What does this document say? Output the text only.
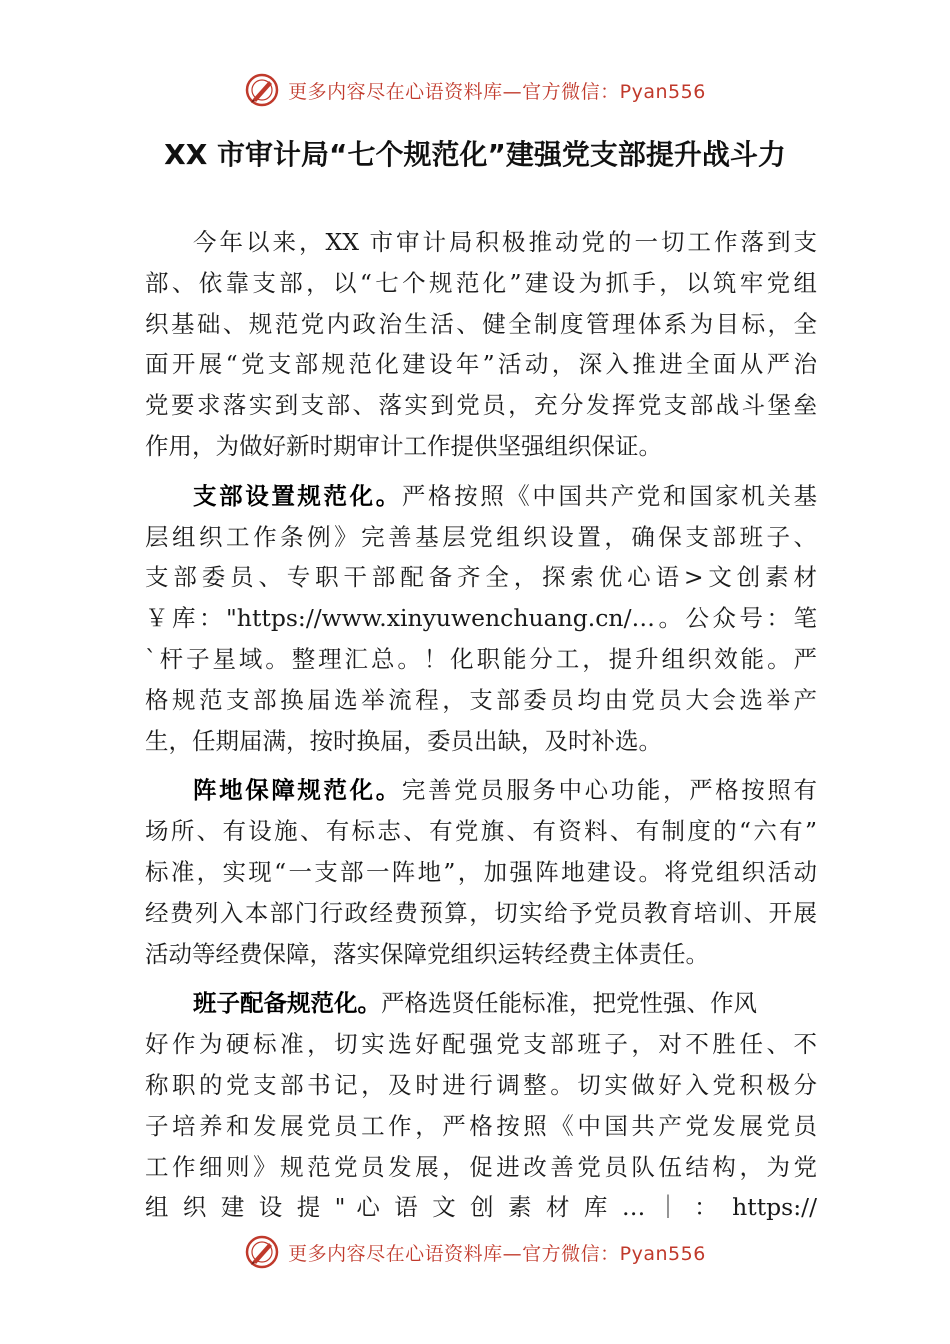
更多内容尽在心语资料库—官方微信：Pyan556
XX 市审计局“七个规范化”建强党支部提升战斗力
今年以来，XX 市审计局积极推动党的一切工作落到支
部、依靠支部，以“七个规范化”建设为抓手，以筑牢党组
织基础、规范党内政治生活、健全制度管理体系为目标，全
面开展“党支部规范化建设年”活动，深入推进全面从严治
党要求落实到支部、落实到党员，充分发挥党支部战斗堡垒
作用，为做好新时期审计工作提供坚强组织保证。
支部设置规范化。严格按照《中国共产党和国家机关基
层组织工作条例》完善基层党组织设置，确保支部班子、
支部委员、专职干部配备齐全，探索优心语>文创素材
￥库："https://www.xinyuwenchuang.cn/…。公众号：笔
`杆子星域。整理汇总。！化职能分工，提升组织效能。严
格规范支部换届选举流程，支部委员均由党员大会选举产
生，任期届满，按时换届，委员出缺，及时补选。
阵地保障规范化。完善党员服务中心功能，严格按照有
场所、有设施、有标志、有党旗、有资料、有制度的“六有”
标准，实现“一支部一阵地”，加强阵地建设。将党组织活动
经费列入本部门行政经费预算，切实给予党员教育培训、开展
活动等经费保障，落实保障党组织运转经费主体责任。
班子配备规范化。严格选贤任能标准，把党性强、作风
好作为硬标准，切实选好配强党支部班子，对不胜任、不
称职的党支部书记，及时进行调整。切实做好入党积极分
子培养和发展党员工作，严格按照《中国共产党发展党员
工作细则》规范党员发展，促进改善党员队伍结构，为党
组 织 建 设 提 " 心 语 文 创 素 材 库 … ｜ ： https://
更多内容尽在心语资料库—官方微信：Pyan556
